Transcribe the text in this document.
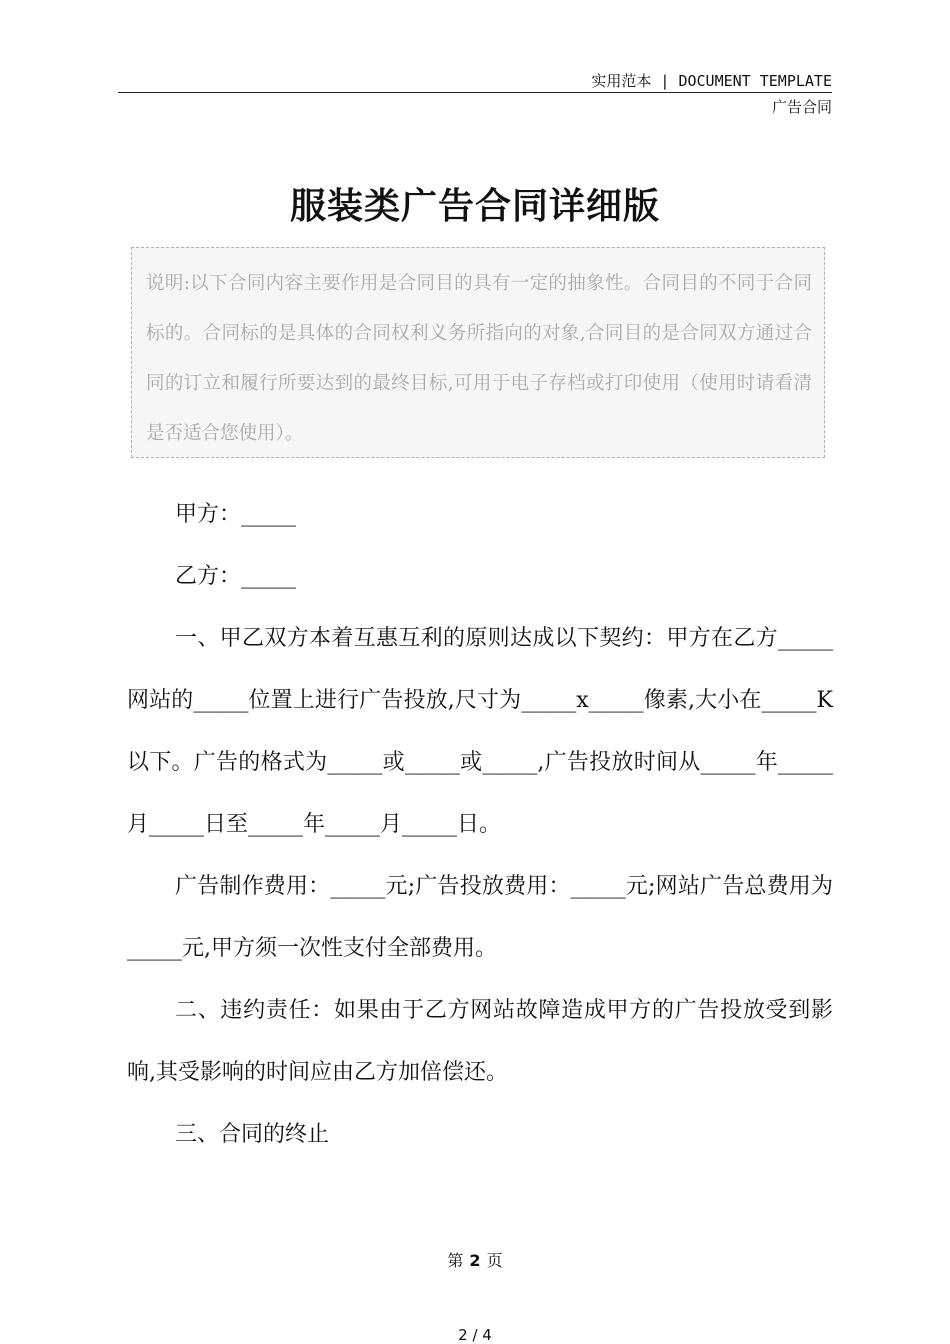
实用范本 | DOCUMENT TEMPLATE
广告合同
服装类广告合同详细版

说明:以下合同内容主要作用是合同目的具有一定的抽象性。合同目的不同于合同标的。合同标的是具体的合同权利义务所指向的对象,合同目的是合同双方通过合同的订立和履行所要达到的最终目标,可用于电子存档或打印使用（使用时请看清是否适合您使用）。

甲方：_____

乙方：_____

一、甲乙双方本着互惠互利的原则达成以下契约：甲方在乙方_____网站的_____位置上进行广告投放,尺寸为_____x_____像素,大小在_____K以下。广告的格式为_____或_____或_____,广告投放时间从_____年_____月_____日至_____年_____月_____日。

广告制作费用：_____元;广告投放费用：_____元;网站广告总费用为_____元,甲方须一次性支付全部费用。

二、违约责任：如果由于乙方网站故障造成甲方的广告投放受到影响,其受影响的时间应由乙方加倍偿还。

三、合同的终止

第 2 页
2 / 4
